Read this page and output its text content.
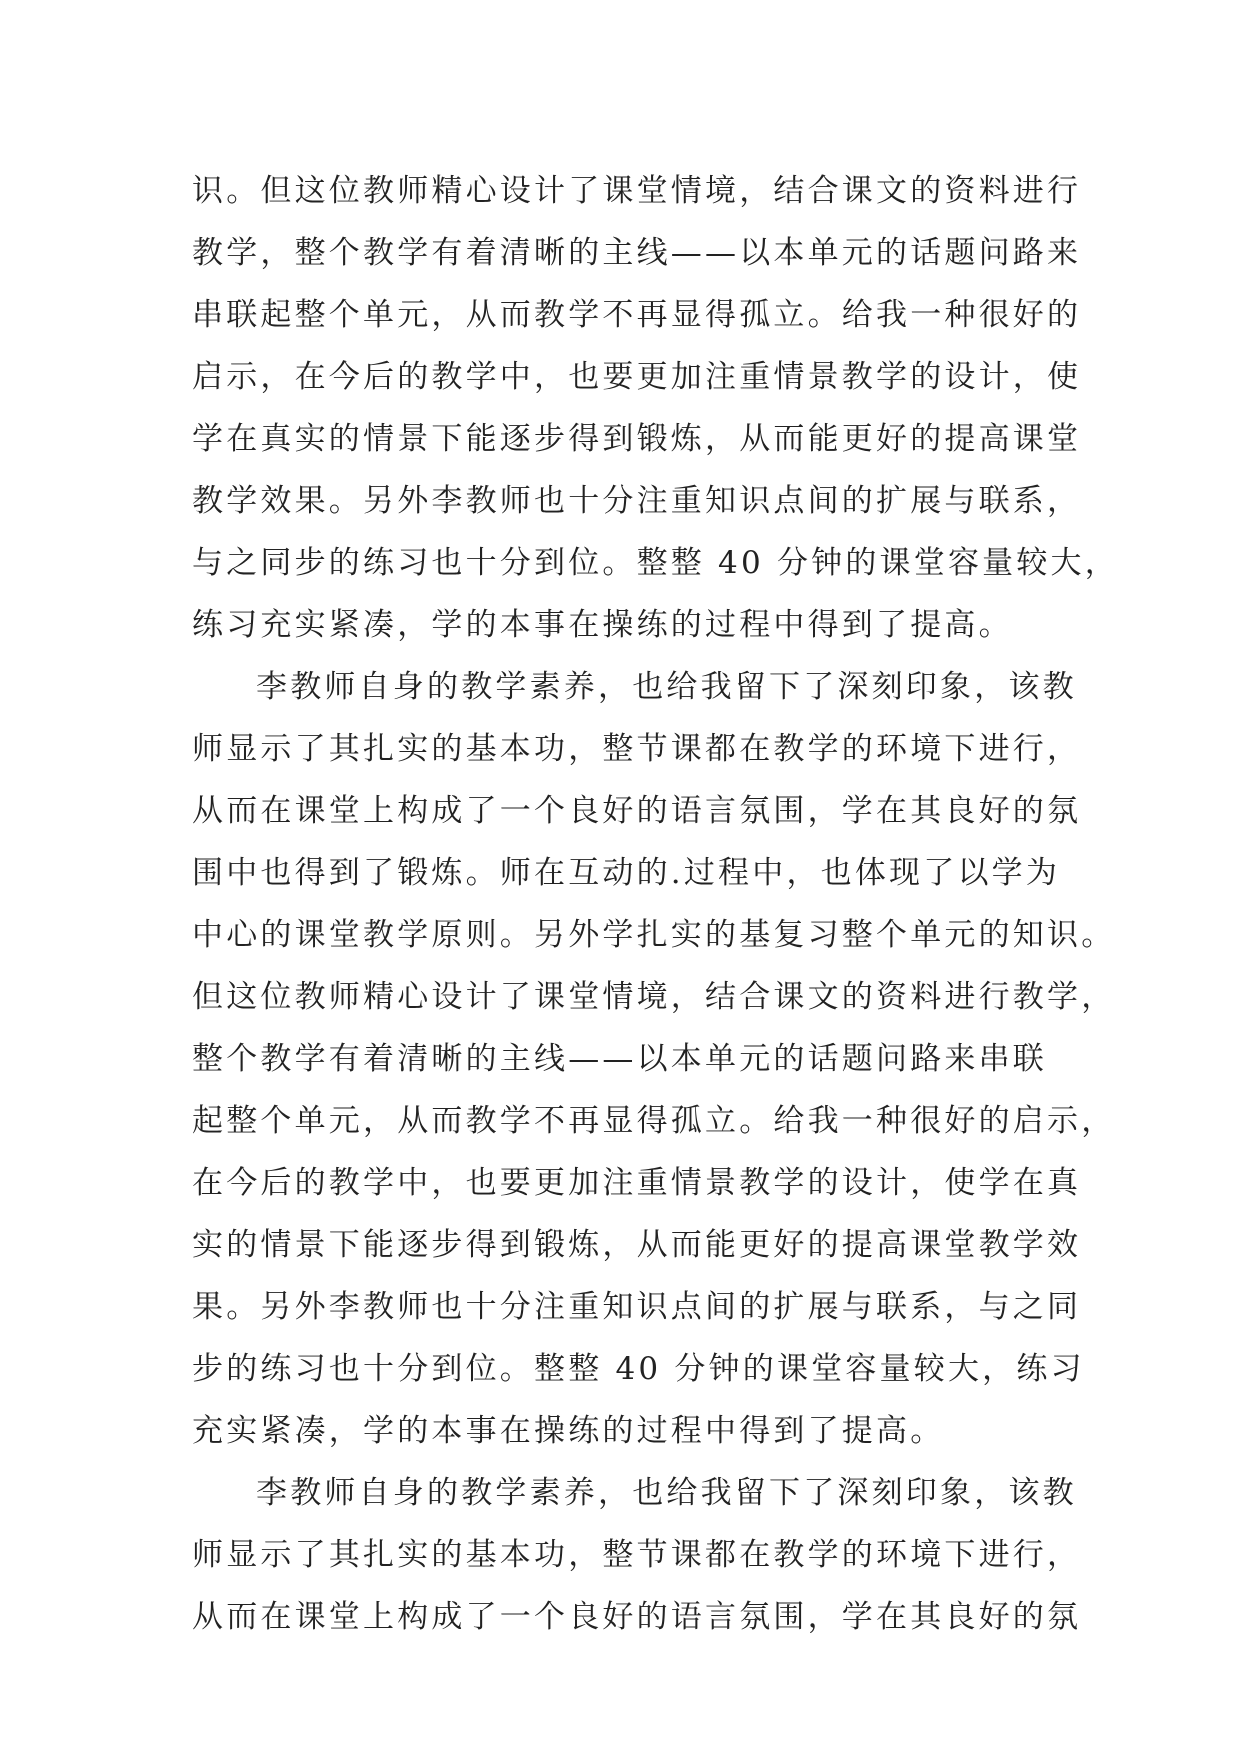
识。但这位教师精心设计了课堂情境，结合课文的资料进行
教学，整个教学有着清晰的主线——以本单元的话题问路来
串联起整个单元，从而教学不再显得孤立。给我一种很好的
启示，在今后的教学中，也要更加注重情景教学的设计，使
学在真实的情景下能逐步得到锻炼，从而能更好的提高课堂
教学效果。另外李教师也十分注重知识点间的扩展与联系，
与之同步的练习也十分到位。整整 40 分钟的课堂容量较大，
练习充实紧凑，学的本事在操练的过程中得到了提高。
李教师自身的教学素养，也给我留下了深刻印象，该教
师显示了其扎实的基本功，整节课都在教学的环境下进行，
从而在课堂上构成了一个良好的语言氛围，学在其良好的氛
围中也得到了锻炼。师在互动的.过程中，也体现了以学为
中心的课堂教学原则。另外学扎实的基复习整个单元的知识。
但这位教师精心设计了课堂情境，结合课文的资料进行教学，
整个教学有着清晰的主线——以本单元的话题问路来串联
起整个单元，从而教学不再显得孤立。给我一种很好的启示，
在今后的教学中，也要更加注重情景教学的设计，使学在真
实的情景下能逐步得到锻炼，从而能更好的提高课堂教学效
果。另外李教师也十分注重知识点间的扩展与联系，与之同
步的练习也十分到位。整整 40 分钟的课堂容量较大，练习
充实紧凑，学的本事在操练的过程中得到了提高。
李教师自身的教学素养，也给我留下了深刻印象，该教
师显示了其扎实的基本功，整节课都在教学的环境下进行，
从而在课堂上构成了一个良好的语言氛围，学在其良好的氛
